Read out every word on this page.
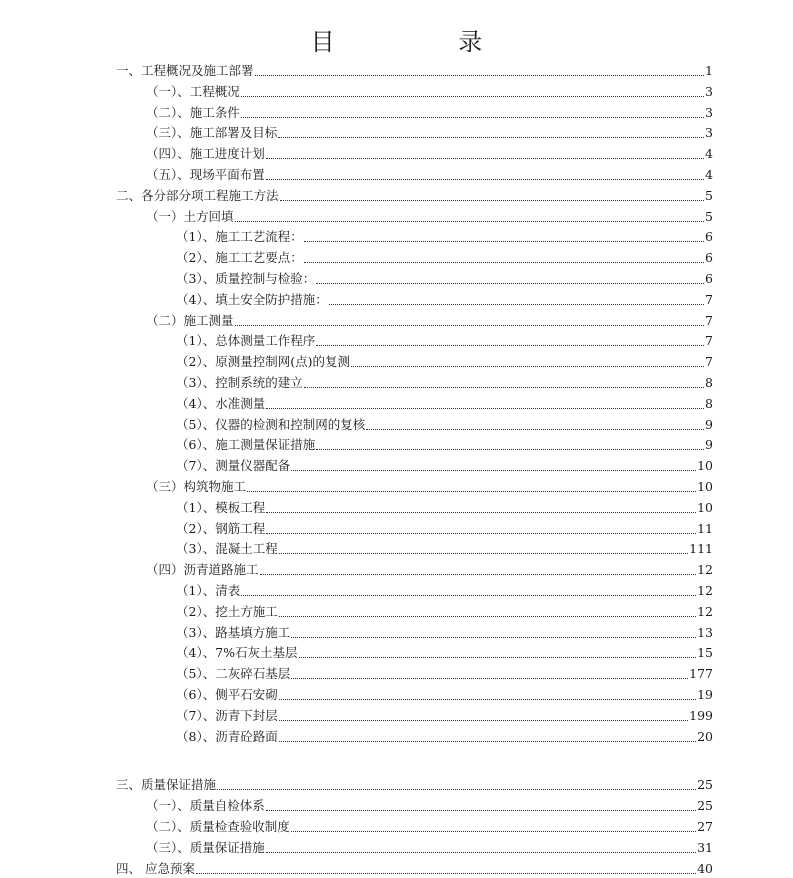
目 录
一、工程概况及施工部署	1
（一）、工程概况	3
（二）、施工条件	3
（三）、施工部署及目标	3
（四）、施工进度计划	4
（五）、现场平面布置	4
二、各分部分项工程施工方法	5
（一）土方回填	5
（1）、施工工艺流程：	6
（2）、施工工艺要点：	6
（3）、质量控制与检验：	6
（4）、填土安全防护措施：	7
（二）施工测量	7
（1）、总体测量工作程序	7
（2）、原测量控制网(点)的复测	7
（3）、控制系统的建立	8
（4）、水准测量	8
（5）、仪器的检测和控制网的复核	9
（6）、施工测量保证措施	9
（7）、测量仪器配备	10
（三）构筑物施工	10
（1）、模板工程	10
（2）、钢筋工程	11
（3）、混凝土工程	111
（四）沥青道路施工	12
（1）、清表	12
（2）、挖土方施工	12
（3）、路基填方施工	13
（4）、7%石灰土基层	15
（5）、二灰碎石基层	177
（6）、侧平石安砌	19
（7）、沥青下封层	199
（8）、沥青砼路面	20
三、质量保证措施	25
（一）、质量自检体系	25
（二）、质量检查验收制度	27
（三）、质量保证措施	31
四、 应急预案	40
